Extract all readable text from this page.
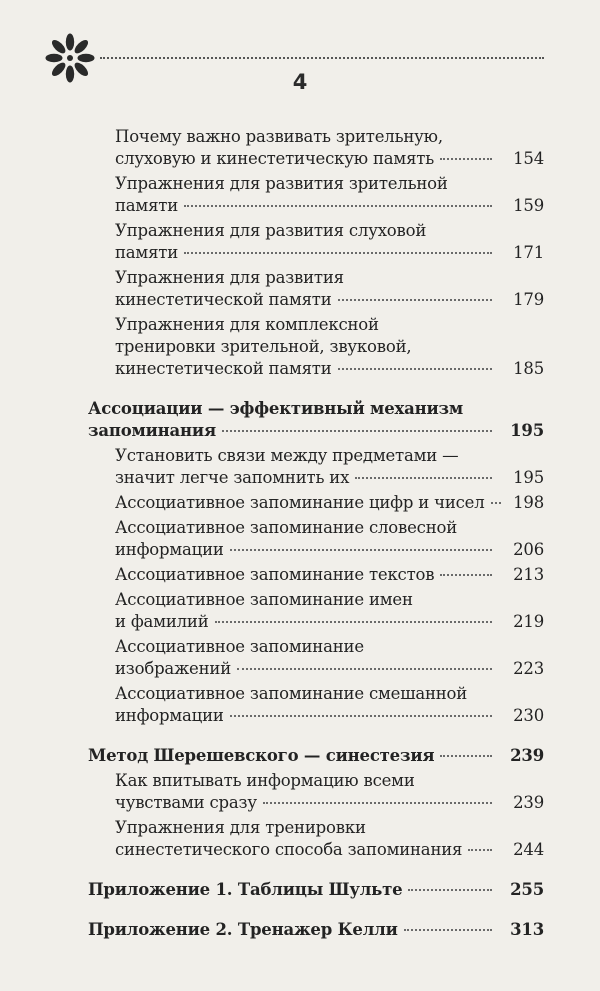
4
Почему важно развивать зрительную,
слуховую и кинестетическую память	154
Упражнения для развития зрительной
памяти	159
Упражнения для развития слуховой
памяти	171
Упражнения для развития
кинестетической памяти	179
Упражнения для комплексной
тренировки зрительной, звуковой,
кинестетической памяти	185
Ассоциации — эффективный механизм
запоминания	195
Установить связи между предметами —
значит легче запомнить их	195
Ассоциативное запоминание цифр и чисел 198
Ассоциативное запоминание словесной
информации	206
Ассоциативное запоминание текстов	213
Ассоциативное запоминание имен
и фамилий	219
Ассоциативное запоминание
изображений	223
Ассоциативное запоминание смешанной
информации	230
Метод Шерешевского — синестезия	239
Как впитывать информацию всеми
чувствами сразу	239
Упражнения для тренировки
синестетического способа запоминания	244
Приложение 1. Таблицы Шульте	255
Приложение 2. Тренажер Келли	313
